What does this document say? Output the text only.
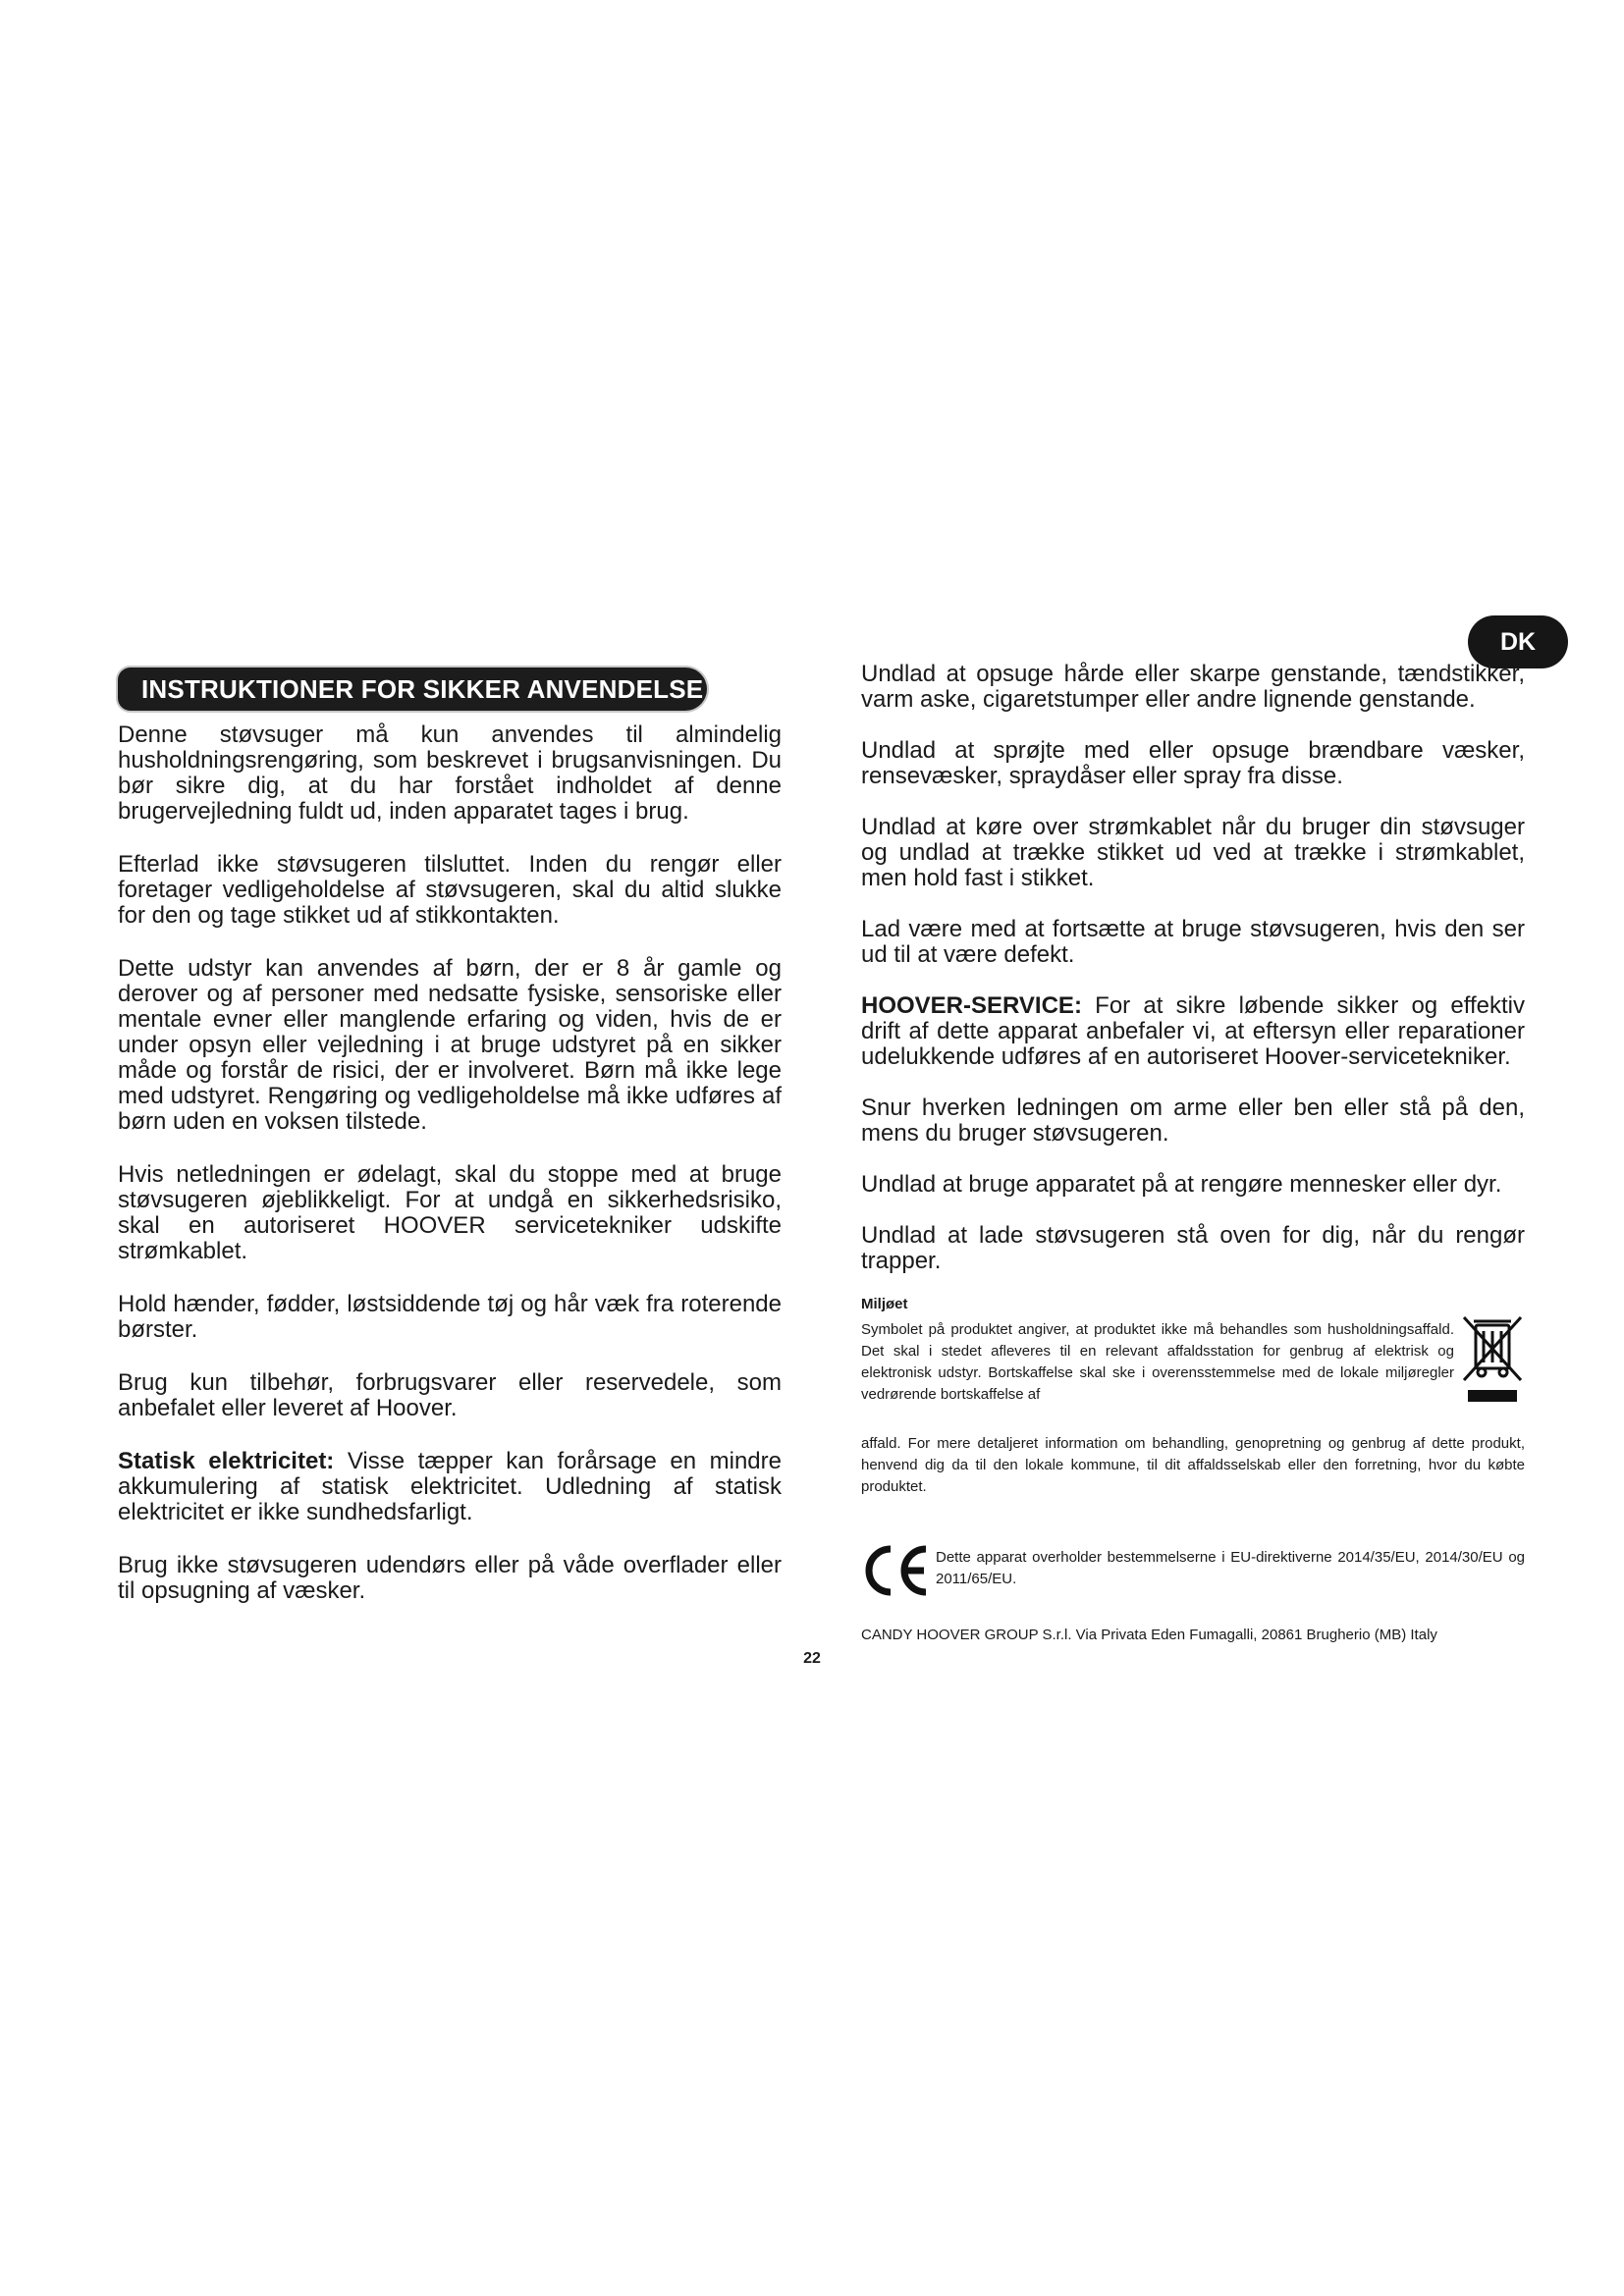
DK
INSTRUKTIONER FOR SIKKER ANVENDELSE

Denne støvsuger må kun anvendes til almindelig husholdningsrengøring, som beskrevet i brugsanvisningen. Du bør sikre dig, at du har forstået indholdet af denne brugervejledning fuldt ud, inden apparatet tages i brug.

Efterlad ikke støvsugeren tilsluttet. Inden du rengør eller foretager vedligeholdelse af støvsugeren, skal du altid slukke for den og tage stikket ud af stikkontakten.

Dette udstyr kan anvendes af børn, der er 8 år gamle og derover og af personer med nedsatte fysiske, sensoriske eller mentale evner eller manglende erfaring og viden, hvis de er under opsyn eller vejledning i at bruge udstyret på en sikker måde og forstår de risici, der er involveret. Børn må ikke lege med udstyret. Rengøring og vedligeholdelse må ikke udføres af børn uden en voksen tilstede.

Hvis netledningen er ødelagt, skal du stoppe med at bruge støvsugeren øjeblikkeligt. For at undgå en sikkerhedsrisiko, skal en autoriseret HOOVER servicetekniker udskifte strømkablet.

Hold hænder, fødder, løstsiddende tøj og hår væk fra roterende børster.

Brug kun tilbehør, forbrugsvarer eller reservedele, som anbefalet eller leveret af Hoover.

Statisk elektricitet: Visse tæpper kan forårsage en mindre akkumulering af statisk elektricitet. Udledning af statisk elektricitet er ikke sundhedsfarligt.

Brug ikke støvsugeren udendørs eller på våde overflader eller til opsugning af væsker.

Undlad at opsuge hårde eller skarpe genstande, tændstikker, varm aske, cigaretstumper eller andre lignende genstande.

Undlad at sprøjte med eller opsuge brændbare væsker, rensevæsker, spraydåser eller spray fra disse.

Undlad at køre over strømkablet når du bruger din støvsuger og undlad at trække stikket ud ved at trække i strømkablet, men hold fast i stikket.

Lad være med at fortsætte at bruge støvsugeren, hvis den ser ud til at være defekt.

HOOVER-SERVICE: For at sikre løbende sikker og effektiv drift af dette apparat anbefaler vi, at eftersyn eller reparationer udelukkende udføres af en autoriseret Hoover-servicetekniker.

Snur hverken ledningen om arme eller ben eller stå på den, mens du bruger støvsugeren.

Undlad at bruge apparatet på at rengøre mennesker eller dyr.

Undlad at lade støvsugeren stå oven for dig, når du rengør trapper.

Miljøet

Symbolet på produktet angiver, at produktet ikke må behandles som husholdningsaffald. Det skal i stedet afleveres til en relevant affaldsstation for genbrug af elektrisk og elektronisk udstyr. Bortskaffelse skal ske i overensstemmelse med de lokale miljøregler vedrørende bortskaffelse af

affald. For mere detaljeret information om behandling, genopretning og genbrug af dette produkt, henvend dig da til den lokale kommune, til dit affaldsselskab eller den forretning, hvor du købte produktet.

Dette apparat overholder bestemmelserne i EU-direktiverne 2014/35/EU, 2014/30/EU og 2011/65/EU.
CANDY HOOVER GROUP S.r.l. Via Privata Eden Fumagalli, 20861 Brugherio (MB) Italy
22
